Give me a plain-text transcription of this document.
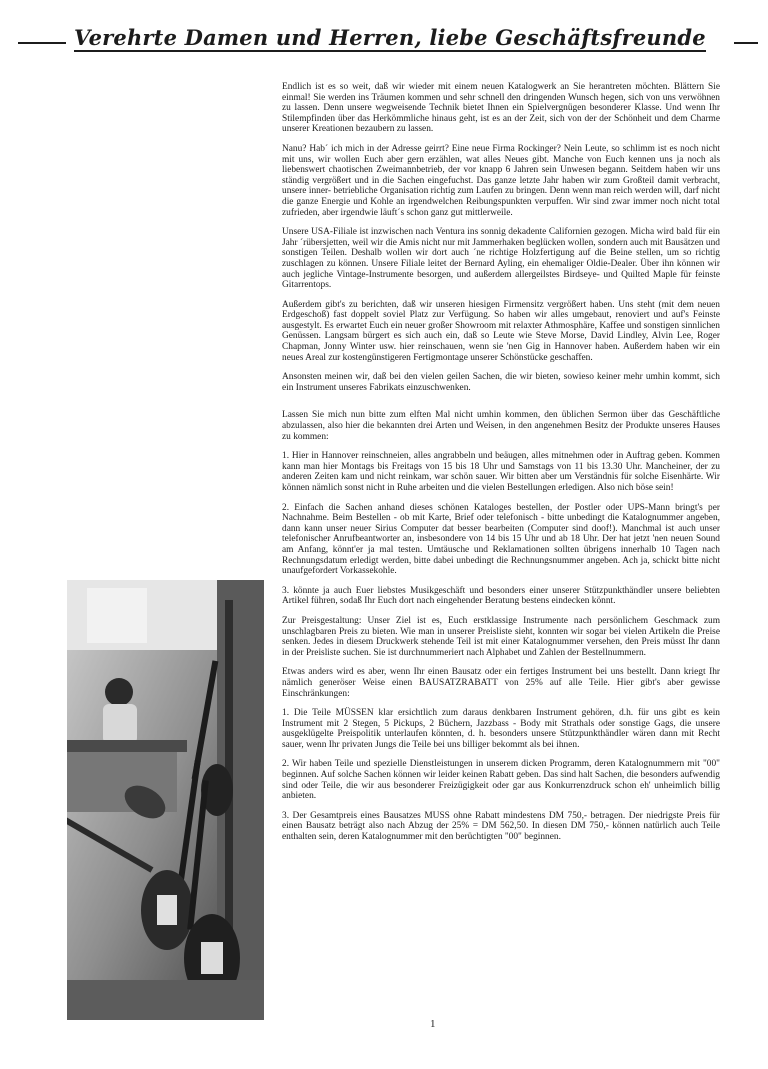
Verehrte Damen und Herren, liebe Geschäftsfreunde

Endlich ist es so weit, daß wir wieder mit einem neuen Katalogwerk an Sie herantreten möchten. Blättern Sie einmal! Sie werden ins Träumen kommen und sehr schnell den dringenden Wunsch hegen, sich von uns verwöhnen zu lassen. Denn unsere wegweisende Technik bietet Ihnen ein Spielvergnügen besonderer Klasse. Und wenn Ihr Stilempfinden über das Herkömmliche hinaus geht, ist es an der Zeit, sich von der der Schönheit und dem Charme unserer Kreationen bezaubern zu lassen.

Nanu? Hab´ ich mich in der Adresse geirrt? Eine neue Firma Rockinger? Nein Leute, so schlimm ist es noch nicht mit uns, wir wollen Euch aber gern erzählen, wat alles Neues gibt. Manche von Euch kennen uns ja noch als liebenswert chaotischen Zweimannbetrieb, der vor knapp 6 Jahren sein Unwesen begann. Seitdem haben wir uns ständig vergrößert und in die Sachen eingefuchst. Das ganze letzte Jahr haben wir zum Großteil damit verbracht, unsere inner- betriebliche Organisation richtig zum Laufen zu bringen. Denn wenn man reich werden will, darf nicht die ganze Energie und Kohle an irgendwelchen Reibungspunkten verpuffen. Wir sind zwar immer noch nicht total zufrieden, aber irgendwie läuft´s schon ganz gut mittlerweile.

Unsere USA-Filiale ist inzwischen nach Ventura ins sonnig dekadente Californien gezogen. Micha wird bald für ein Jahr ´rübersjetten, weil wir die Amis nicht nur mit Jammerhaken beglücken wollen, sondern auch mit Bausätzen und sonstigen Teilen. Deshalb wollen wir dort auch ´ne richtige Holzfertigung auf die Beine stellen, um so richtig zuschlagen zu können. Unsere Filiale leitet der Bernard Ayling, ein ehemaliger Oldie-Dealer. Über ihn können wir auch jegliche Vintage-Instrumente besorgen, und außerdem allergeilstes Birdseye- und Quilted Maple für feinste Gitarrentops.

Außerdem gibt's zu berichten, daß wir unseren hiesigen Firmensitz vergrößert haben. Uns steht (mit dem neuen Erdgeschoß) fast doppelt soviel Platz zur Verfügung. So haben wir alles umgebaut, renoviert und auf's Feinste ausgestylt. Es erwartet Euch ein neuer großer Showroom mit relaxter Athmosphäre, Kaffee und sonstigen sinnlichen Genüssen. Langsam bürgert es sich auch ein, daß so Leute wie Steve Morse, David Lindley, Alvin Lee, Roger Chapman, Jonny Winter usw. hier reinschauen, wenn sie 'nen Gig in Hannover haben. Außerdem haben wir ein neues Areal zur kostengünstigeren Fertigmontage unserer Schönstücke geschaffen.

Ansonsten meinen wir, daß bei den vielen geilen Sachen, die wir bieten, sowieso keiner mehr umhin kommt, sich ein Instrument unseres Fabrikats einzuschwenken.

Lassen Sie mich nun bitte zum elften Mal nicht umhin kommen, den üblichen Sermon über das Geschäftliche abzulassen, also hier die bekannten drei Arten und Weisen, in den angenehmen Besitz der Produkte unseres Hauses zu kommen:

1. Hier in Hannover reinschneien, alles angrabbeln und beäugen, alles mitnehmen oder in Auftrag geben. Kommen kann man hier Montags bis Freitags von 15 bis 18 Uhr und Samstags von 11 bis 13.30 Uhr. Mancheiner, der zu anderen Zeiten kam und nicht reinkam, war schön sauer. Wir bitten aber um Verständnis für solche Eisenhärte. Wir können nämlich sonst nicht in Ruhe arbeiten und die vielen Bestellungen erledigen. Also nich böse sein!

2. Einfach die Sachen anhand dieses schönen Kataloges bestellen, der Postler oder UPS-Mann bringt's per Nachnahme. Beim Bestellen - ob mit Karte, Brief oder telefonisch - bitte unbedingt die Katalognummer angeben, dann kann unser neuer Sirius Computer dat besser bearbeiten (Computer sind doof!). Manchmal ist auch unser telefonischer Anrufbeantworter an, insbesondere von 14 bis 15 Uhr und ab 18 Uhr. Der hat jetzt 'nen neuen Sound am Anfang, könnt'er ja mal testen. Umtäusche und Reklamationen sollten übrigens innerhalb 10 Tagen nach Rechnungsdatum erledigt werden, bitte dabei unbedingt die Rechnungsnummer angeben. Ach ja, schickt bitte nicht unaufgefordert Vorkassekohle.

3. könnte ja auch Euer liebstes Musikgeschäft und besonders einer unserer Stützpunkthändler unsere beliebten Artikel führen, sodaß Ihr Euch dort nach eingehender Beratung bestens eindecken könnt.

Zur Preisgestaltung: Unser Ziel ist es, Euch erstklassige Instrumente nach persönlichem Geschmack zum unschlagbaren Preis zu bieten. Wie man in unserer Preisliste sieht, konnten wir sogar bei vielen Artikeln die Preise senken. Jedes in diesem Druckwerk stehende Teil ist mit einer Katalognummer versehen, den Preis müsst Ihr dann in der Preisliste suchen. Sie ist durchnummeriert nach Alphabet und Zahlen der Bestellnummern.

Etwas anders wird es aber, wenn Ihr einen Bausatz oder ein fertiges Instrument bei uns bestellt. Dann kriegt Ihr nämlich generöser Weise einen BAUSATZRABATT von 25% auf alle Teile. Hier gibt's aber gewisse Einschränkungen:

1. Die Teile MÜSSEN klar ersichtlich zum daraus denkbaren Instrument gehören, d.h. für uns gibt es kein Instrument mit 2 Stegen, 5 Pickups, 2 Büchern, Jazzbass - Body mit Strathals oder sonstige Gags, die unsere ausgeklügelte Preispolitik unterlaufen könnten, d. h. besonders unsere Stützpunkthändler wären dann mit Recht sauer, wenn Ihr privaten Jungs die Teile bei uns billiger bekommt als bei ihnen.

2. Wir haben Teile und spezielle Dienstleistungen in unserem dicken Programm, deren Katalognummern mit "00" beginnen. Auf solche Sachen können wir leider keinen Rabatt geben. Das sind halt Sachen, die besonders aufwendig sind oder Teile, die wir aus besonderer Freizügigkeit oder gar aus Konkurrenzdruck schon eh' unheimlich billig anbieten.

3. Der Gesamtpreis eines Bausatzes MUSS ohne Rabatt mindestens DM 750,- betragen. Der niedrigste Preis für einen Bausatz beträgt also nach Abzug der 25% = DM 562,50. In diesen DM 750,- können natürlich auch Teile enthalten sein, deren Katalognummer mit den berüchtigten "00" beginnen.

1
